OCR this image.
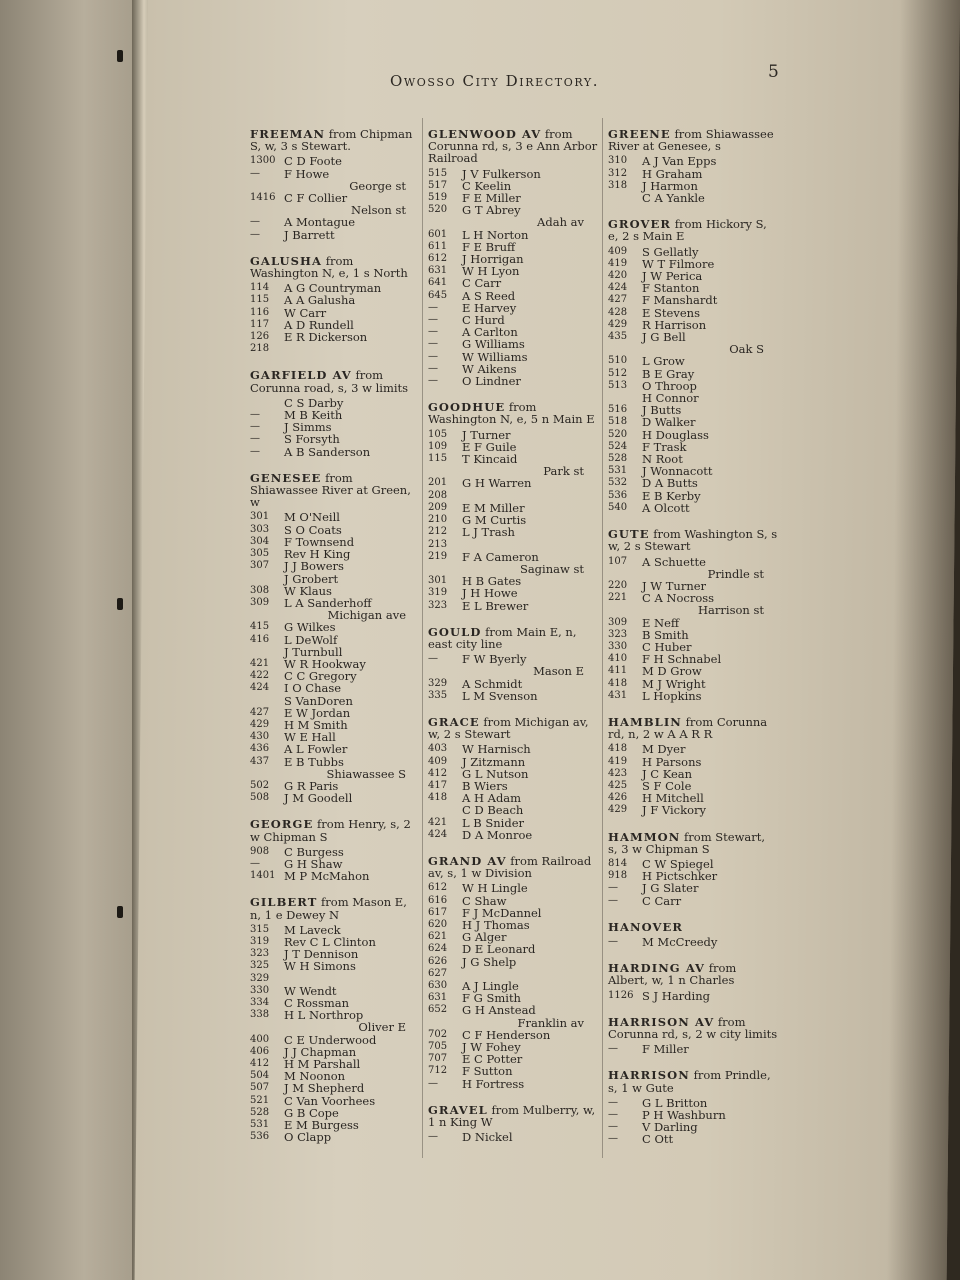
Owosso City Directory.	5
FREEMAN from Chipman S, w, 3 s Stewart.
1300 C D Foote
—	F Howe
George st
1416 C F Collier
Nelson st
—	A Montague
—	J Barrett
GALUSHA from Washington N, e, 1 s North
114	A G Countryman
115	A A Galusha
116	W Carr
117	A D Rundell
126	E R Dickerson
218
GARFIELD AV from Corunna road, s, 3 w limits
C S Darby
—	M B Keith
—	J Simms
—	S Forsyth
—	A B Sanderson
GENESEE from Shiawassee River at Green, w
301	M O'Neill
303	S O Coats
304	F Townsend
305	Rev H King
307	J J Bowers
J Grobert
308	W Klaus
309	L A Sanderhoff
Michigan ave
415	G Wilkes
416	L DeWolf
J Turnbull
421	W R Hookway
422	C C Gregory
424	I O Chase
S VanDoren
427	E W Jordan
429	H M Smith
430	W E Hall
436	A L Fowler
437	E B Tubbs
Shiawassee S
502	G R Paris
508	J M Goodell
GEORGE from Henry, s, 2 w Chipman S
908	C Burgess
—	G H Shaw
1401 M P McMahon
GILBERT from Mason E, n, 1 e Dewey N
315	M Laveck
319	Rev C L Clinton
323	J T Dennison
325	W H Simons
329
330	W Wendt
334	C Rossman
338	H L Northrop
Oliver E
400	C E Underwood
406	J J Chapman
412	H M Parshall
504	M Noonon
507	J M Shepherd
521	C Van Voorhees
528	G B Cope
531	E M Burgess
536	O Clapp
GLENWOOD AV from Corunna rd, s, 3 e Ann Arbor Railroad
515	J V Fulkerson
517	C Keelin
519	F E Miller
520	G T Abrey
Adah av
601	L H Norton
611	F E Bruff
612	J Horrigan
631	W H Lyon
641	C Carr
645	A S Reed
—	E Harvey
—	C Hurd
—	A Carlton
—	G Williams
—	W Williams
—	W Aikens
—	O Lindner
GOODHUE from Washington N, e, 5 n Main E
105	J Turner
109	E F Guile
115	T Kincaid
Park st
201	G H Warren
208
209	E M Miller
210	G M Curtis
212	L J Trash
213
219	F A Cameron
Saginaw st
301	H B Gates
319	J H Howe
323	E L Brewer
GOULD from Main E, n, east city line
—	F W Byerly
Mason E
329	A Schmidt
335	L M Svenson
GRACE from Michigan av, w, 2 s Stewart
403	W Harnisch
409	J Zitzmann
412	G L Nutson
417	B Wiers
418	A H Adam
C D Beach
421	L B Snider
424	D A Monroe
GRAND AV from Railroad av, s, 1 w Division
612	W H Lingle
616	C Shaw
617	F J McDannel
620	H J Thomas
621	G Alger
624	D E Leonard
626	J G Shelp
627
630	A J Lingle
631	F G Smith
652	G H Anstead
Franklin av
702	C F Henderson
705	J W Fohey
707	E C Potter
712	F Sutton
—	H Fortress
GRAVEL from Mulberry, w, 1 n King W
—	D Nickel
GREENE from Shiawassee River at Genesee, s
310	A J Van Epps
312	H Graham
318	J Harmon
C A Yankle
GROVER from Hickory S, e, 2 s Main E
409	S Gellatly
419	W T Filmore
420	J W Perica
424	F Stanton
427	F Manshardt
428	E Stevens
429	R Harrison
435	J G Bell
Oak S
510	L Grow
512	B E Gray
513	O Throop
H Connor
516	J Butts
518	D Walker
520	H Douglass
524	F Trask
528	N Root
531	J Wonnacott
532	D A Butts
536	E B Kerby
540	A Olcott
GUTE from Washington S, s w, 2 s Stewart
107	A Schuette
Prindle st
220	J W Turner
221	C A Nocross
Harrison st
309	E Neff
323	B Smith
330	C Huber
410	F H Schnabel
411	M D Grow
418	M J Wright
431	L Hopkins
HAMBLIN from Corunna rd, n, 2 w A A R R
418	M Dyer
419	H Parsons
423	J C Kean
425	S F Cole
426	H Mitchell
429	J F Vickory
HAMMON from Stewart, s, 3 w Chipman S
814	C W Spiegel
918	H Pictschker
—	J G Slater
—	C Carr
HANOVER
—	M McCreedy
HARDING AV from Albert, w, 1 n Charles
1126 S J Harding
HARRISON AV from Corunna rd, s, 2 w city limits
—	F Miller
HARRISON from Prindle, s, 1 w Gute
—	G L Britton
—	P H Washburn
—	V Darling
—	C Ott
